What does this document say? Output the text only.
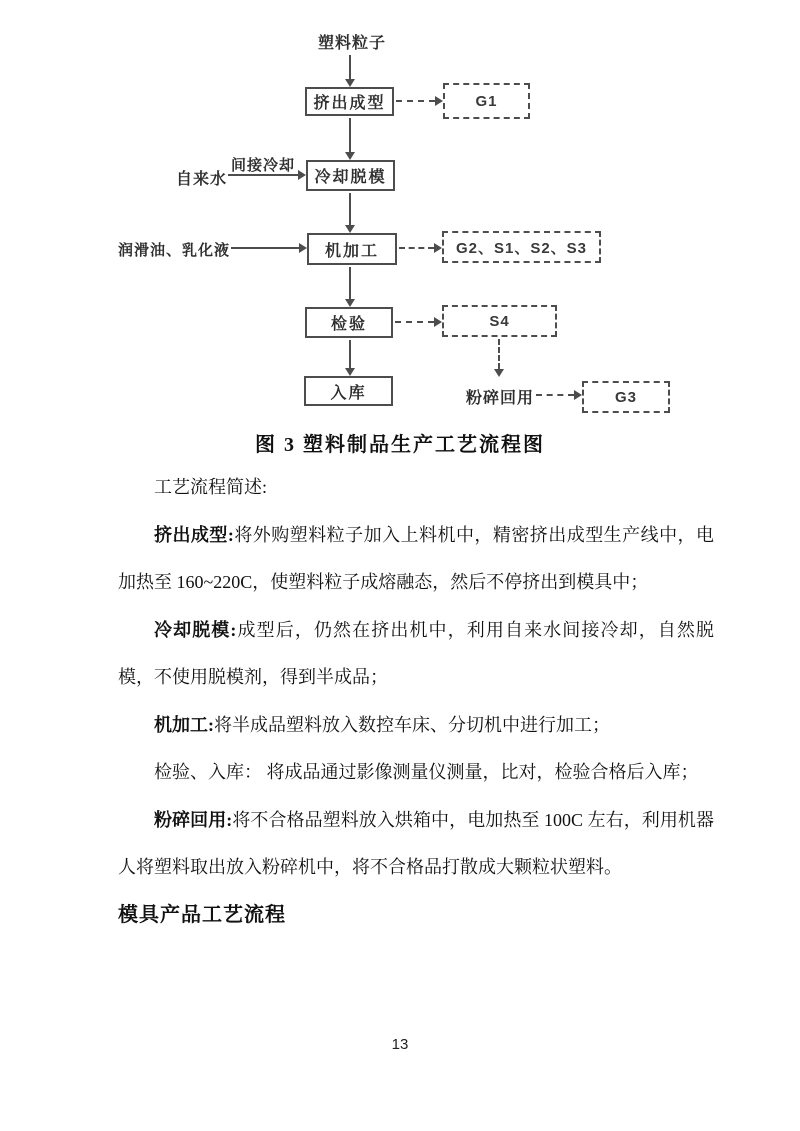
塑料粒子
挤出成型	G1
自来水
间接冷却
冷却脱模
润滑油、乳化液	机加工	G2、S1、S2、S3
检验	S4
入库	粉碎回用	G3
图 3 塑料制品生产工艺流程图

工艺流程简述:

挤出成型:将外购塑料粒子加入上料机中，精密挤出成型生产线中，电加热至 160~220C，使塑料粒子成熔融态，然后不停挤出到模具中；

冷却脱模:成型后，仍然在挤出机中，利用自来水间接冷却，自然脱模，不使用脱模剂，得到半成品；

机加工:将半成品塑料放入数控车床、分切机中进行加工；

检验、入库： 将成品通过影像测量仪测量，比对，检验合格后入库；

粉碎回用:将不合格品塑料放入烘箱中，电加热至 100C 左右，利用机器人将塑料取出放入粉碎机中，将不合格品打散成大颗粒状塑料。

模具产品工艺流程
13
